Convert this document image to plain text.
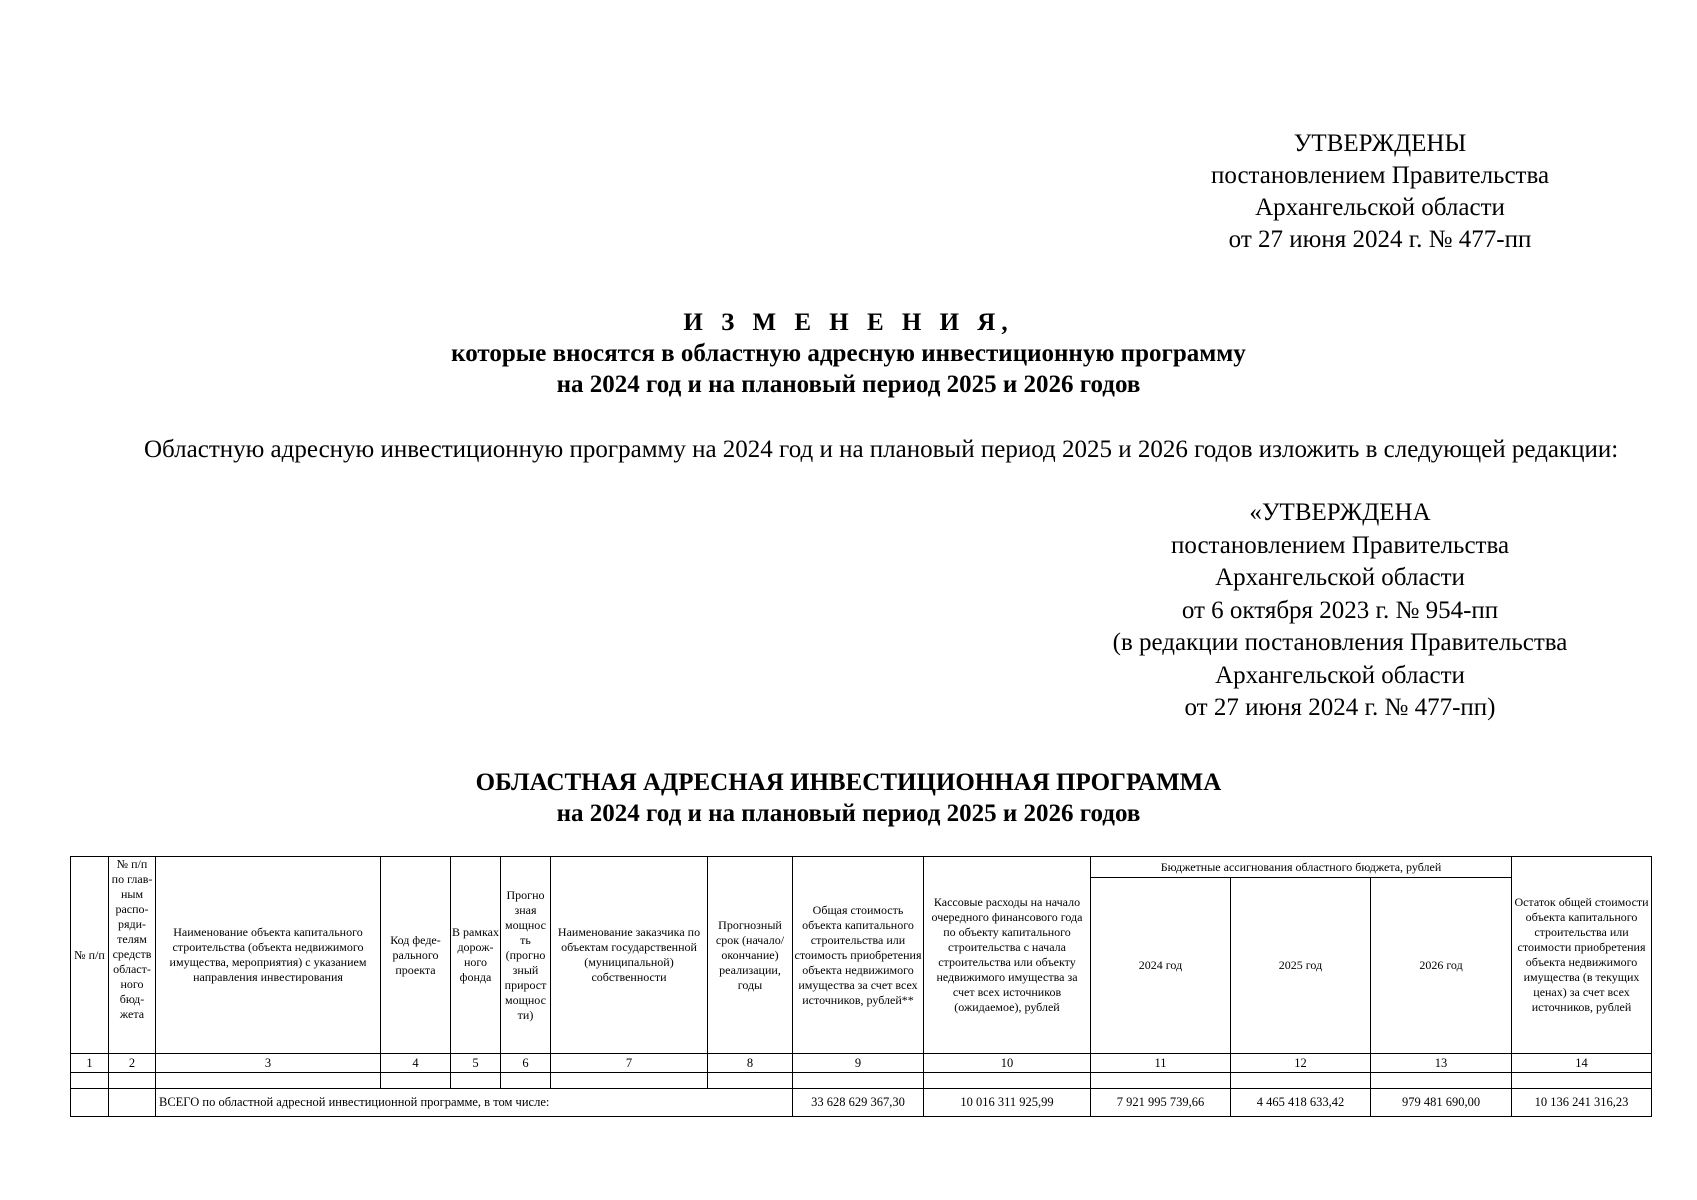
УТВЕРЖДЕНЫ
постановлением Правительства
Архангельской области
от 27 июня 2024 г. № 477-пп
И З М Е Н Е Н И Я,
которые вносятся в областную адресную инвестиционную программу
на 2024 год и на плановый период 2025 и 2026 годов
Областную адресную инвестиционную программу на 2024 год и на плановый период 2025 и 2026 годов изложить в следующей редакции:
«УТВЕРЖДЕНА
постановлением Правительства
Архангельской области
от 6 октября 2023 г. № 954-пп
(в редакции постановления Правительства
Архангельской области
от 27 июня 2024 г. № 477-пп)
ОБЛАСТНАЯ АДРЕСНАЯ ИНВЕСТИЦИОННАЯ ПРОГРАММА
на 2024 год и на плановый период 2025 и 2026 годов
№ п/п	№ п/п по глав-ным распо-ряди-телям средств област-ного бюд-жета	Наименование объекта капитального строительства (объекта недвижимого имущества, мероприятия) с указанием направления инвестирования	Код феде-рального проекта	В рамках дорож-ного фонда	Прогно зная мощнос ть (прогно зный прирост мощнос ти)	Наименование заказчика по объектам государственной (муниципальной) собственности	Прогнозный срок (начало/ окончание) реализации, годы	Общая стоимость объекта капитального строительства или стоимость приобретения объекта недвижимого имущества за счет всех источников, рублей**	Кассовые расходы на начало очередного финансового года по объекту капитального строительства с начала строительства или объекту недвижимого имущества за счет всех источников (ожидаемое), рублей	Бюджетные ассигнования областного бюджета, рублей			Остаток общей стоимости объекта капитального строительства или стоимости приобретения объекта недвижимого имущества (в текущих ценах) за счет всех источников, рублей
										2024 год	2025 год	2026 год	
1	2	3	4	5	6	7	8	9	10	11	12	13	14

		ВСЕГО по областной адресной инвестиционной программе, в том числе:						33 628 629 367,30	10 016 311 925,99	7 921 995 739,66	4 465 418 633,42	979 481 690,00	10 136 241 316,23
